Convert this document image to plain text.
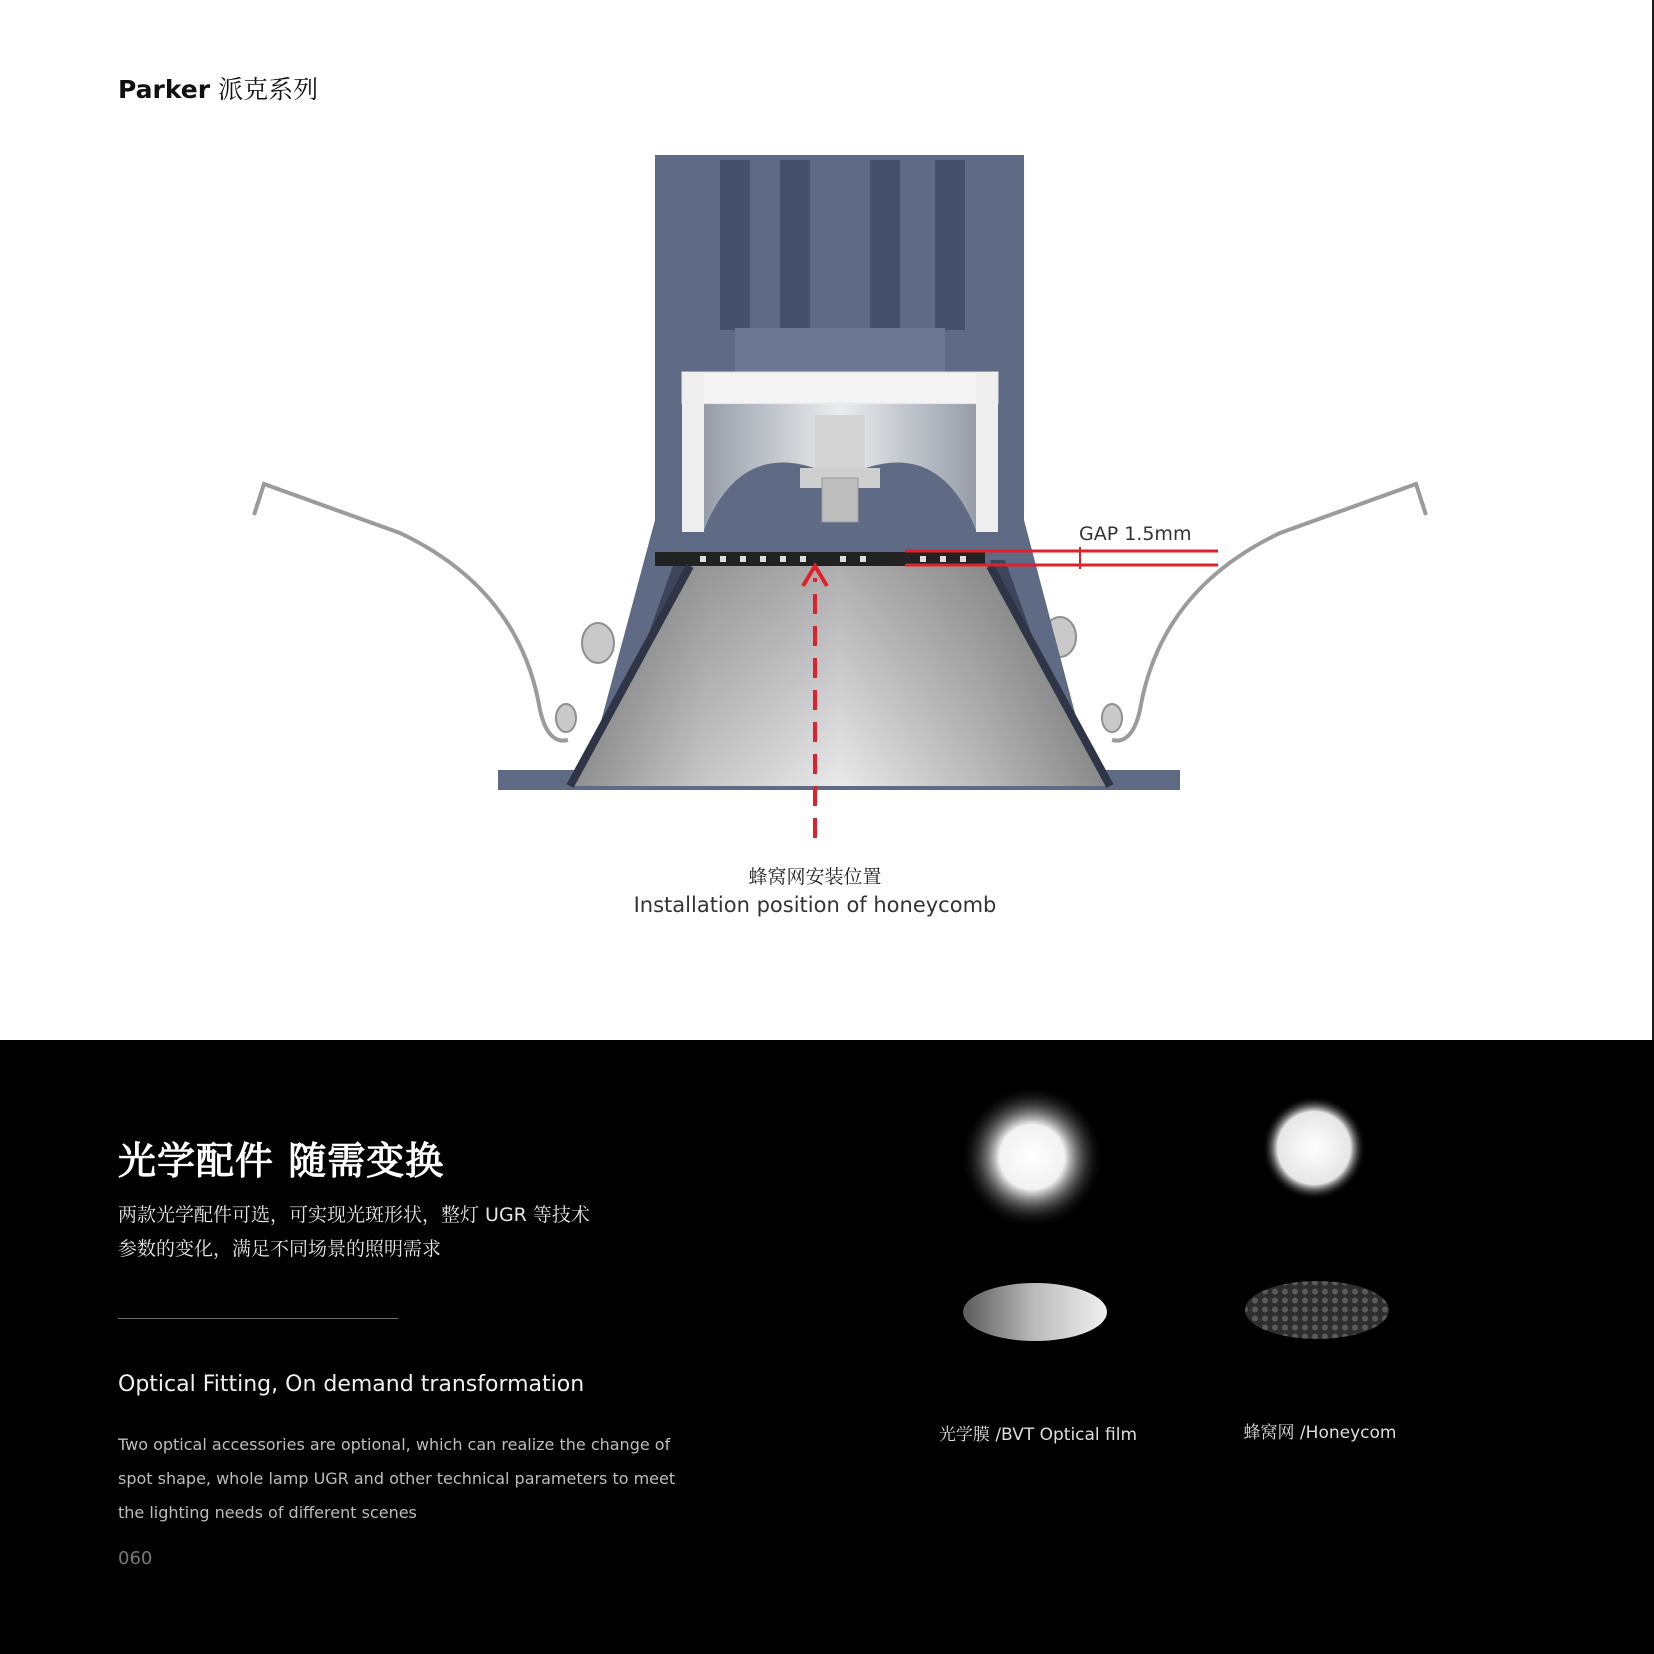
Parker 派克系列
GAP 1.5mm
蜂窝网安装位置
Installation position of honeycomb
光学配件 随需变换
两款光学配件可选，可实现光斑形状，整灯 UGR 等技术
参数的变化，满足不同场景的照明需求
Optical Fitting, On demand transformation
Two optical accessories are optional, which can realize the change of spot shape, whole lamp UGR and other technical parameters to meet the lighting needs of different scenes
060
光学膜 /BVT Optical film	蜂窝网 /Honeycom
